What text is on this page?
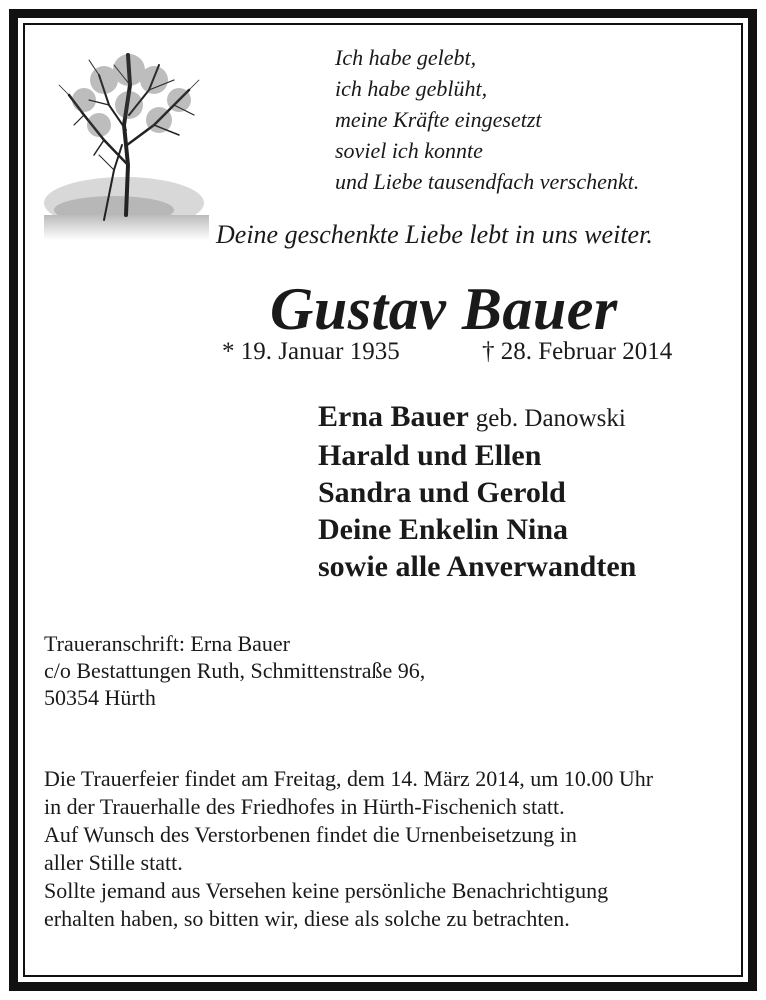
Ich habe gelebt,
ich habe geblüht,
meine Kräfte eingesetzt
soviel ich konnte
und Liebe tausendfach verschenkt.
Deine geschenkte Liebe lebt in uns weiter.
Gustav Bauer
* 19. Januar 1935	† 28. Februar 2014
Erna Bauer geb. Danowski
Harald und Ellen
Sandra und Gerold
Deine Enkelin Nina
sowie alle Anverwandten
Traueranschrift: Erna Bauer
c/o Bestattungen Ruth, Schmittenstraße 96,
50354 Hürth
Die Trauerfeier findet am Freitag, dem 14. März 2014, um 10.00 Uhr
in der Trauerhalle des Friedhofes in Hürth-Fischenich statt.
Auf Wunsch des Verstorbenen findet die Urnenbeisetzung in
aller Stille statt.
Sollte jemand aus Versehen keine persönliche Benachrichtigung
erhalten haben, so bitten wir, diese als solche zu betrachten.
